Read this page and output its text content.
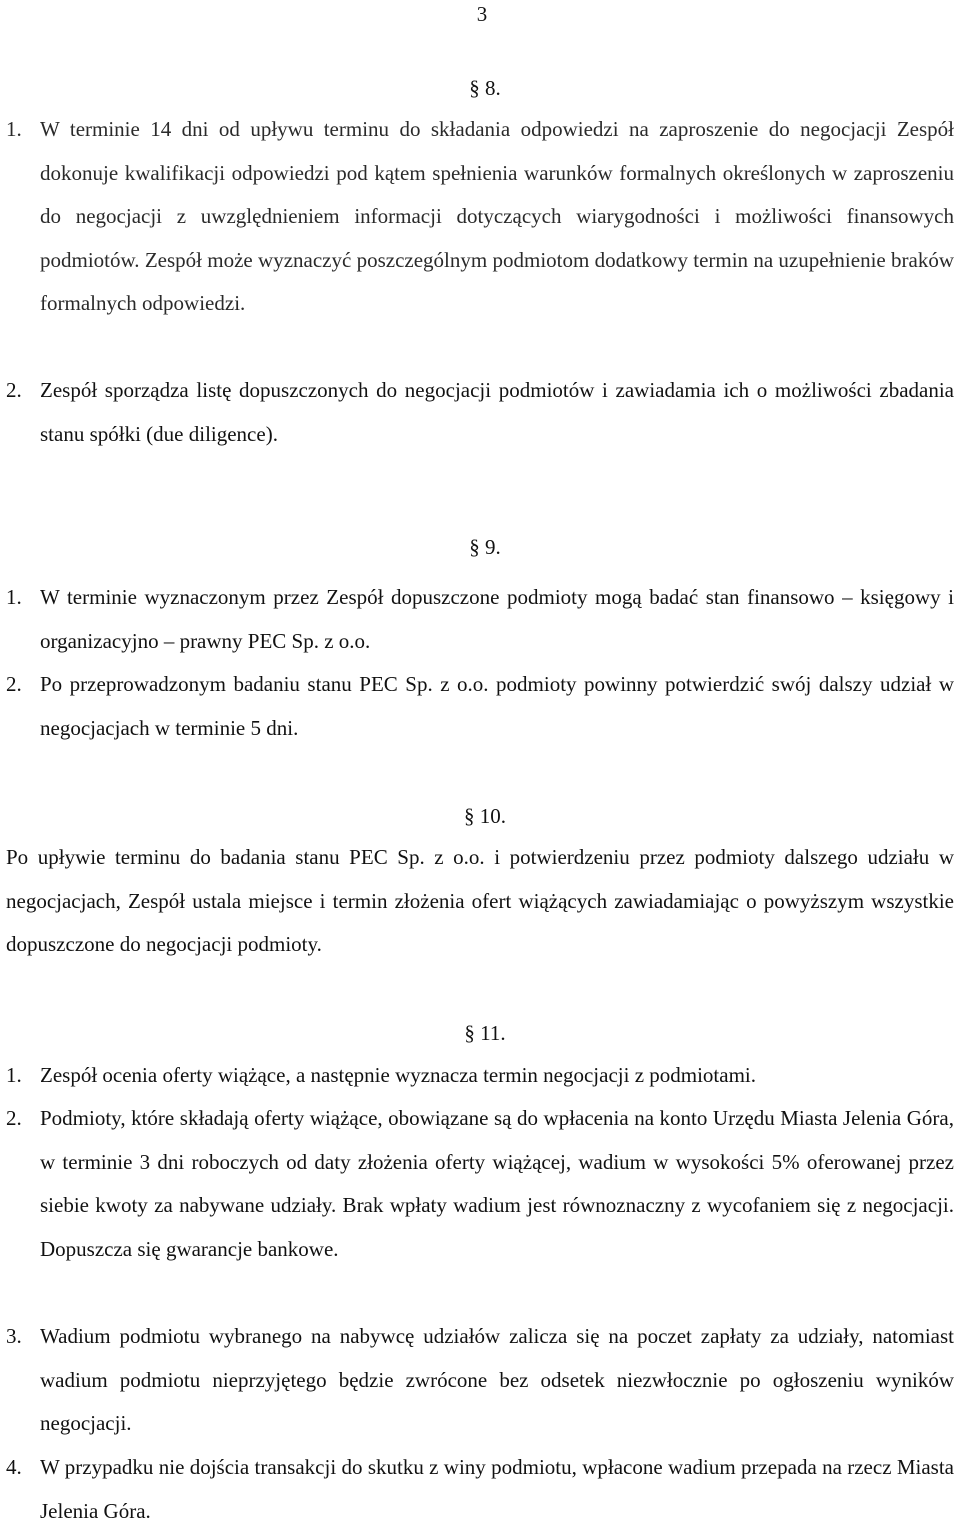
3
§ 8.
1. W terminie 14 dni od upływu terminu do składania odpowiedzi na zaproszenie do negocjacji Zespół dokonuje kwalifikacji odpowiedzi pod kątem spełnienia warunków formalnych określonych w zaproszeniu do negocjacji z uwzględnieniem informacji dotyczących wiarygodności i możliwości finansowych podmiotów. Zespół może wyznaczyć poszczególnym podmiotom dodatkowy termin na uzupełnienie braków formalnych odpowiedzi.
2. Zespół sporządza listę dopuszczonych do negocjacji podmiotów i zawiadamia ich o możliwości zbadania stanu spółki (due diligence).
§ 9.
1. W terminie wyznaczonym przez Zespół dopuszczone podmioty mogą badać stan finansowo – księgowy i organizacyjno – prawny PEC Sp. z o.o.
2. Po przeprowadzonym badaniu stanu PEC Sp. z o.o. podmioty powinny potwierdzić swój dalszy udział w negocjacjach w terminie 5 dni.
§ 10.
Po upływie terminu do badania stanu PEC Sp. z o.o. i potwierdzeniu przez podmioty dalszego udziału w negocjacjach, Zespół ustala miejsce i termin złożenia ofert wiążących zawiadamiając o powyższym wszystkie dopuszczone do negocjacji podmioty.
§ 11.
1. Zespół ocenia oferty wiążące, a następnie wyznacza termin negocjacji z podmiotami.
2. Podmioty, które składają oferty wiążące, obowiązane są do wpłacenia na konto Urzędu Miasta Jelenia Góra, w terminie 3 dni roboczych od daty złożenia oferty wiążącej, wadium w wysokości 5% oferowanej przez siebie kwoty za nabywane udziały. Brak wpłaty wadium jest równoznaczny z wycofaniem się z negocjacji. Dopuszcza się gwarancje bankowe.
3. Wadium podmiotu wybranego na nabywcę udziałów zalicza się na poczet zapłaty za udziały, natomiast wadium podmiotu nieprzyjętego będzie zwrócone bez odsetek niezwłocznie po ogłoszeniu wyników negocjacji.
4. W przypadku nie dojścia transakcji do skutku z winy podmiotu, wpłacone wadium przepada na rzecz Miasta Jelenia Góra.
